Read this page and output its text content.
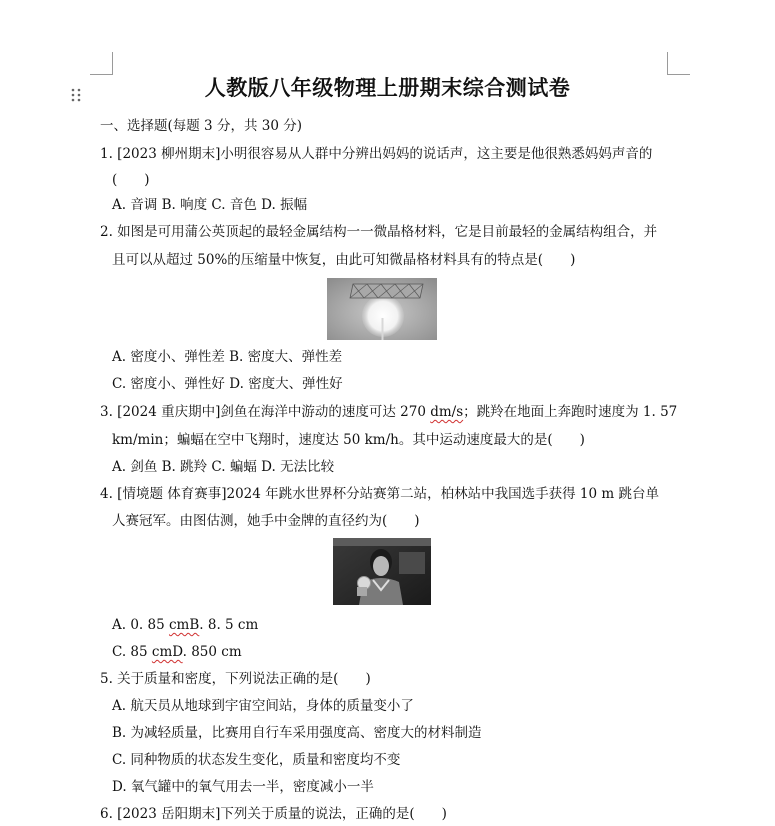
人教版八年级物理上册期末综合测试卷
一、选择题(每题 3 分，共 30 分)
1. [2023 柳州期末]小明很容易从人群中分辨出妈妈的说话声，这主要是他很熟悉妈妈声音的
(　　)
A. 音调 B. 响度 C. 音色 D. 振幅
2. 如图是可用蒲公英顶起的最轻金属结构一一微晶格材料，它是目前最轻的金属结构组合，并
且可以从超过 50%的压缩量中恢复，由此可知微晶格材料具有的特点是(　　)
A. 密度小、弹性差 B. 密度大、弹性差
C. 密度小、弹性好 D. 密度大、弹性好
3. [2024 重庆期中]剑鱼在海洋中游动的速度可达 270 dm/s；跳羚在地面上奔跑时速度为 1. 57
km/min；蝙蝠在空中飞翔时，速度达 50 km/h。其中运动速度最大的是(　　)
A. 剑鱼 B. 跳羚 C. 蝙蝠 D. 无法比较
4. [情境题 体育赛事]2024 年跳水世界杯分站赛第二站，柏林站中我国选手获得 10 m 跳台单
人赛冠军。由图估测，她手中金牌的直径约为(　　)
A. 0. 85 cmB. 8. 5 cm
C. 85 cmD. 850 cm
5. 关于质量和密度，下列说法正确的是(　　)
A. 航天员从地球到宇宙空间站，身体的质量变小了
B. 为减轻质量，比赛用自行车采用强度高、密度大的材料制造
C. 同种物质的状态发生变化，质量和密度均不变
D. 氧气罐中的氧气用去一半，密度减小一半
6. [2023 岳阳期末]下列关于质量的说法，正确的是(　　)
